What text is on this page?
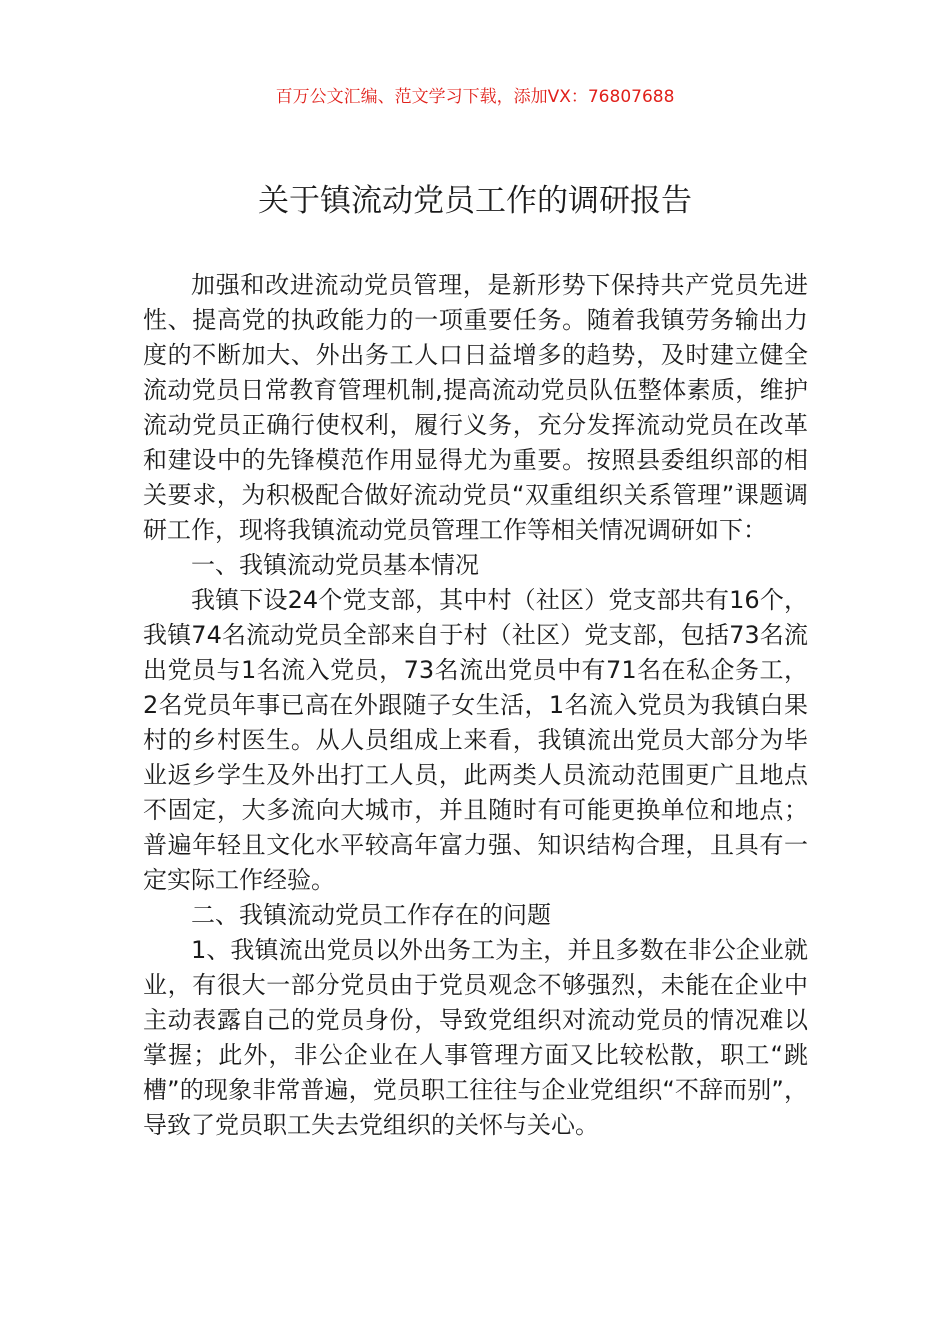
百万公文汇编、范文学习下载，添加VX：76807688

关于镇流动党员工作的调研报告

加强和改进流动党员管理，是新形势下保持共产党员先进性、提高党的执政能力的一项重要任务。随着我镇劳务输出力度的不断加大、外出务工人口日益增多的趋势，及时建立健全流动党员日常教育管理机制,提高流动党员队伍整体素质，维护流动党员正确行使权利，履行义务，充分发挥流动党员在改革和建设中的先锋模范作用显得尤为重要。按照县委组织部的相关要求，为积极配合做好流动党员“双重组织关系管理”课题调研工作，现将我镇流动党员管理工作等相关情况调研如下：

一、我镇流动党员基本情况

我镇下设24个党支部，其中村（社区）党支部共有16个，我镇74名流动党员全部来自于村（社区）党支部，包括73名流出党员与1名流入党员，73名流出党员中有71名在私企务工，2名党员年事已高在外跟随子女生活，1名流入党员为我镇白果村的乡村医生。从人员组成上来看，我镇流出党员大部分为毕业返乡学生及外出打工人员，此两类人员流动范围更广且地点不固定，大多流向大城市，并且随时有可能更换单位和地点；普遍年轻且文化水平较高年富力强、知识结构合理，且具有一定实际工作经验。

二、我镇流动党员工作存在的问题

1、我镇流出党员以外出务工为主，并且多数在非公企业就业，有很大一部分党员由于党员观念不够强烈，未能在企业中主动表露自己的党员身份，导致党组织对流动党员的情况难以掌握；此外，非公企业在人事管理方面又比较松散，职工“跳槽”的现象非常普遍，党员职工往往与企业党组织“不辞而别”，导致了党员职工失去党组织的关怀与关心。
